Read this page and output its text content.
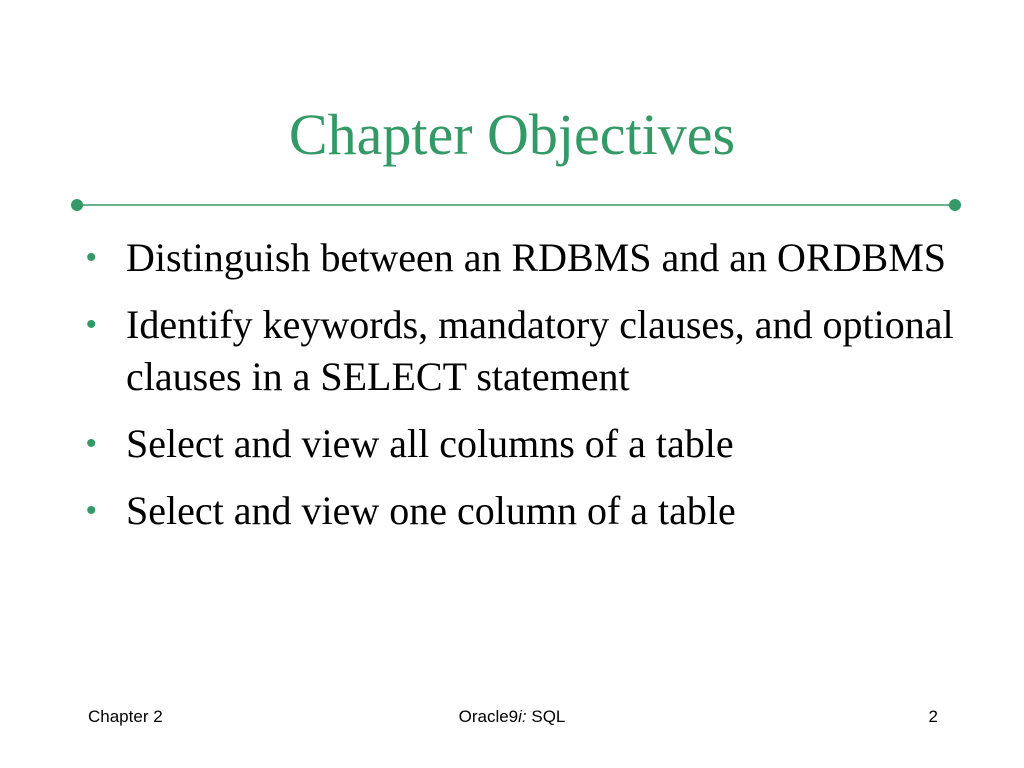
Chapter Objectives
• Distinguish between an RDBMS and an ORDBMS
• Identify keywords, mandatory clauses, and optional clauses in a SELECT statement
• Select and view all columns of a table
• Select and view one column of a table
Chapter 2	Oracle9i: SQL	2
